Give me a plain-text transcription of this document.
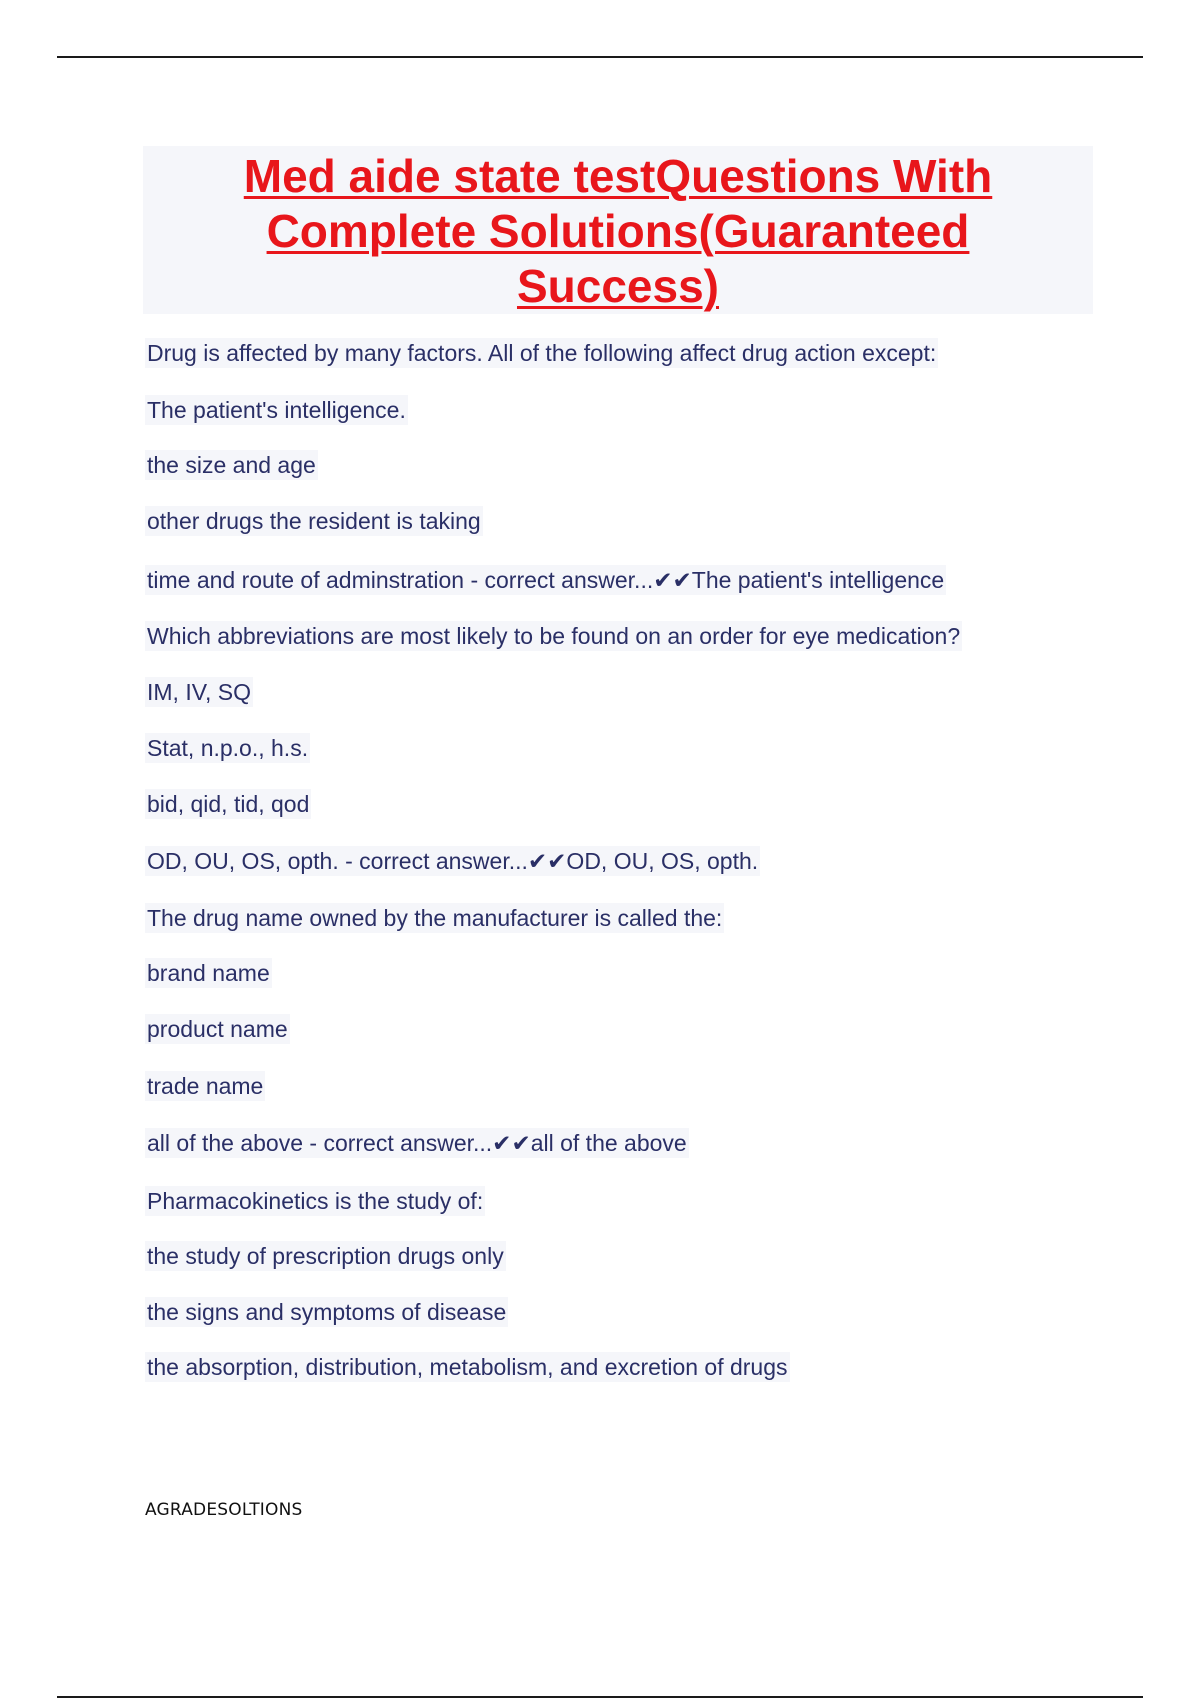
Med aide state testQuestions With
Complete Solutions(Guaranteed
Success)
Drug is affected by many factors. All of the following affect drug action except:
The patient's intelligence.
the size and age
other drugs the resident is taking
time and route of adminstration - correct answer...✔✔The patient's intelligence
Which abbreviations are most likely to be found on an order for eye medication?
IM, IV, SQ
Stat, n.p.o., h.s.
bid, qid, tid, qod
OD, OU, OS, opth. - correct answer...✔✔OD, OU, OS, opth.
The drug name owned by the manufacturer is called the:
brand name
product name
trade name
all of the above - correct answer...✔✔all of the above
Pharmacokinetics is the study of:
the study of prescription drugs only
the signs and symptoms of disease
the absorption, distribution, metabolism, and excretion of drugs
AGRADESOLTIONS
